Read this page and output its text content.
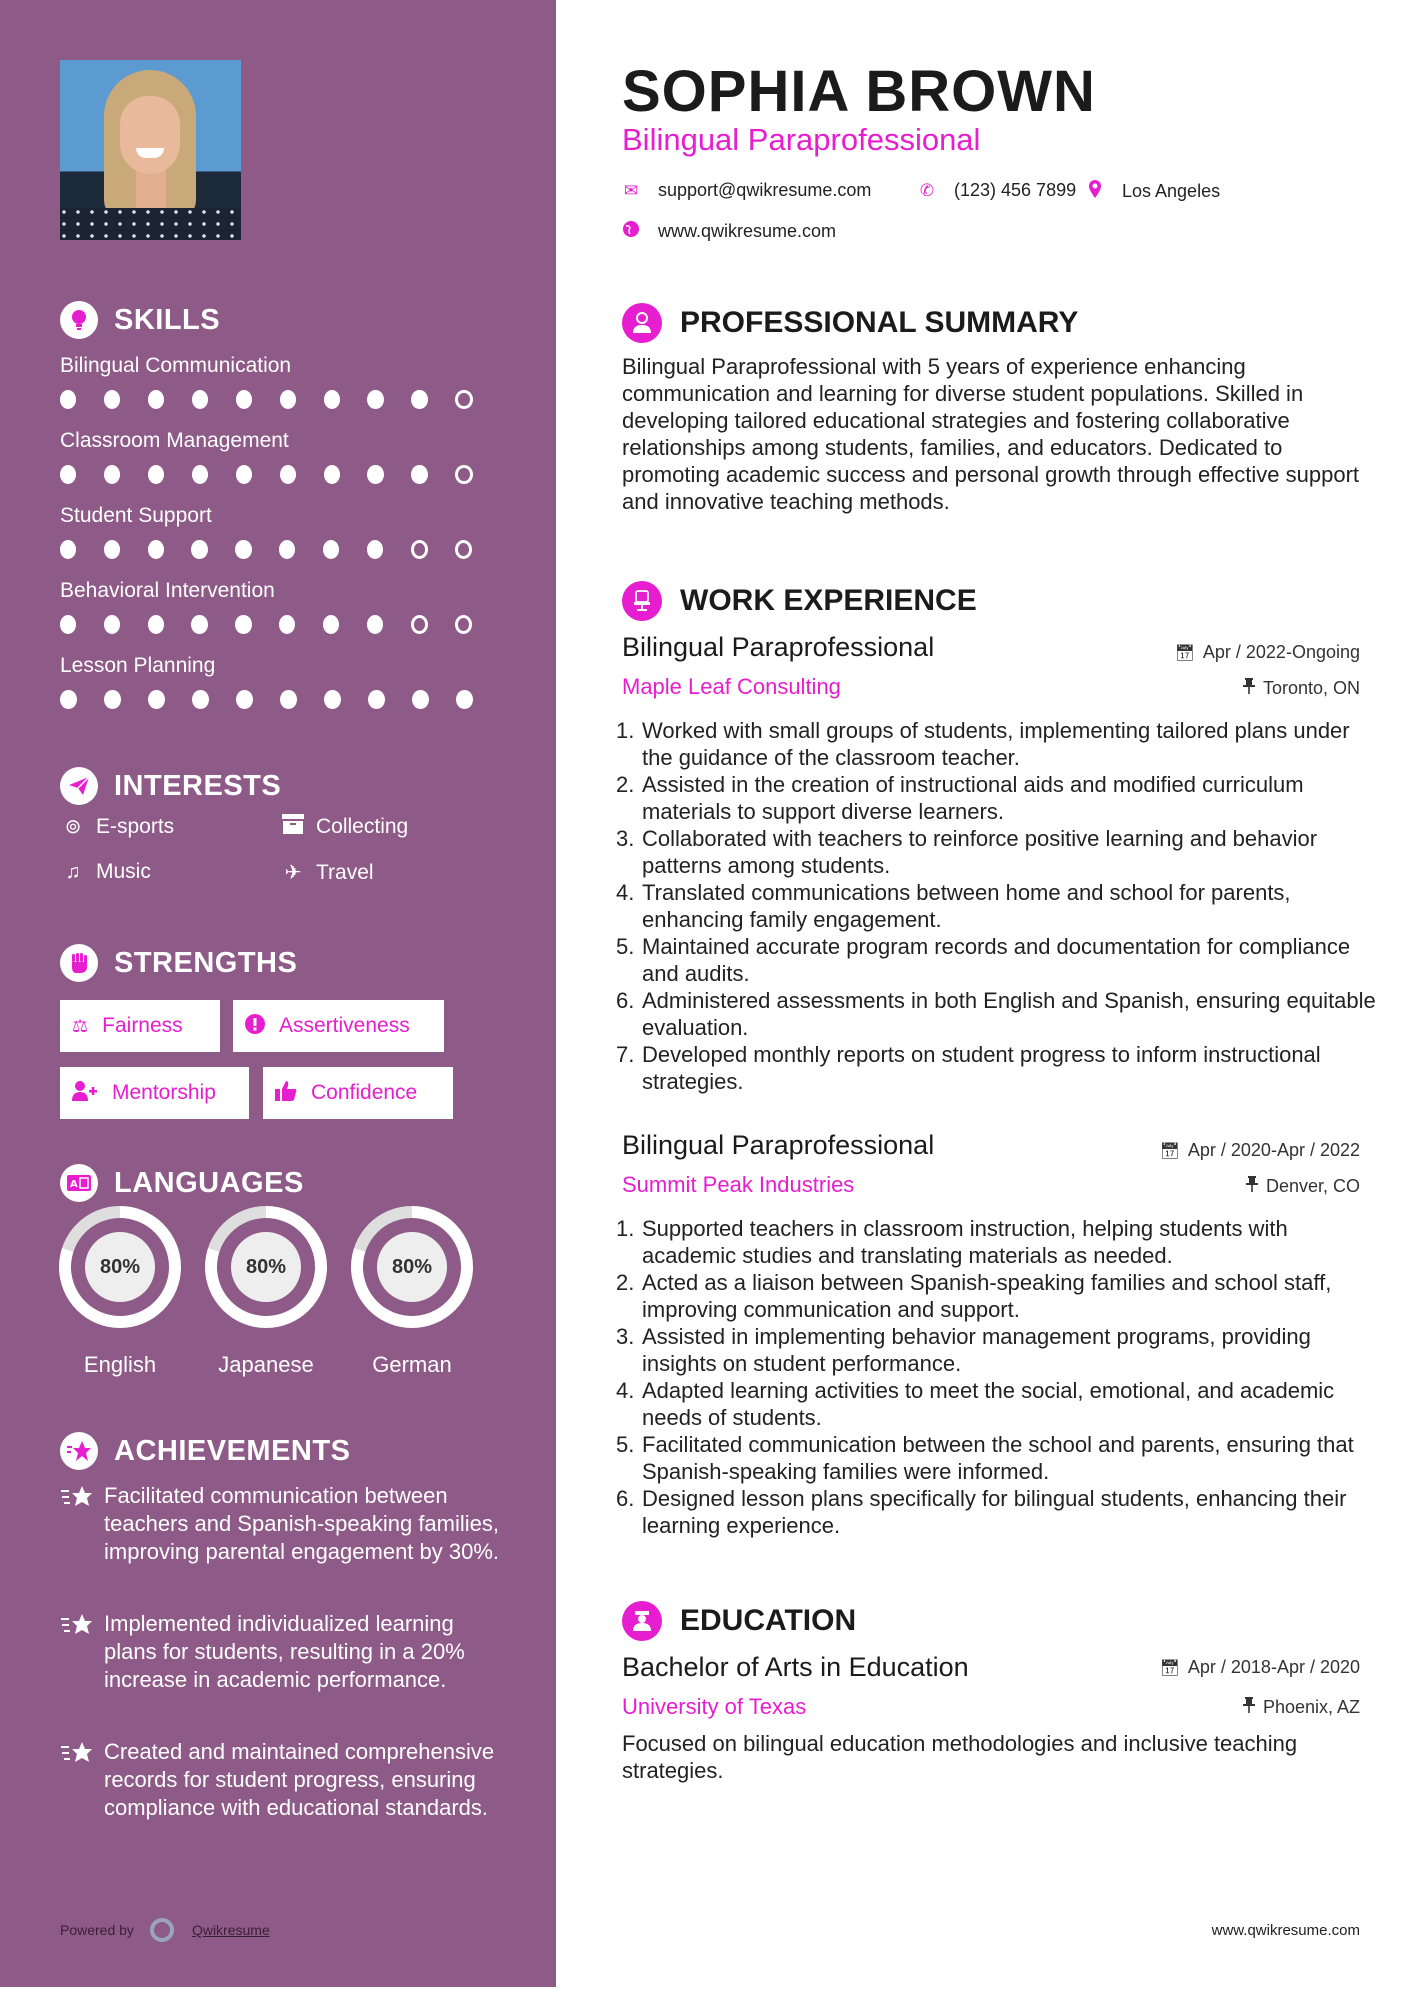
SKILLS
Bilingual Communication
Classroom Management
Student Support
Behavioral Intervention
Lesson Planning
INTERESTS
⊚ E-sports	Collecting
♫ Music	✈ Travel
STRENGTHS
⚖ Fairness	Assertiveness
Mentorship	Confidence
A LANGUAGES
80%
English
80%
Japanese
80%
German
ACHIEVEMENTS
Facilitated communication between teachers and Spanish-speaking families, improving parental engagement by 30%.
Implemented individualized learning plans for students, resulting in a 20% increase in academic performance.
Created and maintained comprehensive records for student progress, ensuring compliance with educational standards.
Powered by	Qwikresume
SOPHIA BROWN
Bilingual Paraprofessional
✉ support@qwikresume.com	✆ (123) 456 7899	Los Angeles
www.qwikresume.com
PROFESSIONAL SUMMARY
Bilingual Paraprofessional with 5 years of experience enhancing communication and learning for diverse student populations. Skilled in developing tailored educational strategies and fostering collaborative relationships among students, families, and educators. Dedicated to promoting academic success and personal growth through effective support and innovative teaching methods.
WORK EXPERIENCE
Bilingual Paraprofessional	📅︎ Apr / 2022-Ongoing
Maple Leaf Consulting	Toronto, ON
1. Worked with small groups of students, implementing tailored plans under the guidance of the classroom teacher.
2. Assisted in the creation of instructional aids and modified curriculum materials to support diverse learners.
3. Collaborated with teachers to reinforce positive learning and behavior patterns among students.
4. Translated communications between home and school for parents, enhancing family engagement.
5. Maintained accurate program records and documentation for compliance and audits.
6. Administered assessments in both English and Spanish, ensuring equitable evaluation.
7. Developed monthly reports on student progress to inform instructional strategies.
Bilingual Paraprofessional	📅︎ Apr / 2020-Apr / 2022
Summit Peak Industries	Denver, CO
1. Supported teachers in classroom instruction, helping students with academic studies and translating materials as needed.
2. Acted as a liaison between Spanish-speaking families and school staff, improving communication and support.
3. Assisted in implementing behavior management programs, providing insights on student performance.
4. Adapted learning activities to meet the social, emotional, and academic needs of students.
5. Facilitated communication between the school and parents, ensuring that Spanish-speaking families were informed.
6. Designed lesson plans specifically for bilingual students, enhancing their learning experience.
EDUCATION
Bachelor of Arts in Education	📅︎ Apr / 2018-Apr / 2020
University of Texas	Phoenix, AZ
Focused on bilingual education methodologies and inclusive teaching strategies.
www.qwikresume.com
